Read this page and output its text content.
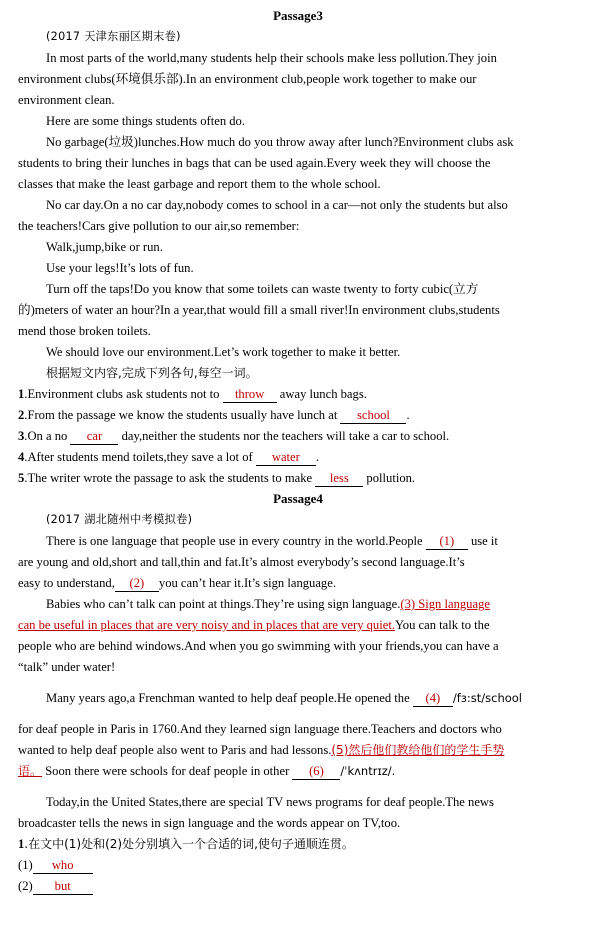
Passage3
(2017 天津东丽区期末卷)
In most parts of the world,many students help their schools make less pollution.They join
environment clubs(环境俱乐部).In an environment club,people work together to make our
environment clean.
Here are some things students often do.
No garbage(垃圾)lunches.How much do you throw away after lunch?Environment clubs ask
students to bring their lunches in bags that can be used again.Every week they will choose the
classes that make the least garbage and report them to the whole school.
No car day.On a no car day,nobody comes to school in a car—not only the students but also
the teachers!Cars give pollution to our air,so remember:
Walk,jump,bike or run.
Use your legs!It’s lots of fun.
Turn off the taps!Do you know that some toilets can waste twenty to forty cubic(立方
的)meters of water an hour?In a year,that would fill a small river!In environment clubs,students
mend those broken toilets.
We should love our environment.Let’s work together to make it better.
根据短文内容,完成下列各句,每空一词。
1.Environment clubs ask students not to throw away lunch bags.
2.From the passage we know the students usually have lunch at school .
3.On a no car day,neither the students nor the teachers will take a car to school.
4.After students mend toilets,they save a lot of water .
5.The writer wrote the passage to ask the students to make less pollution.
Passage4
(2017 湖北随州中考模拟卷)
There is one language that people use in every country in the world.People (1) use it
are young and old,short and tall,thin and fat.It’s almost everybody’s second language.It’s
easy to understand, (2) you can’t hear it.It’s sign language.
Babies who can’t talk can point at things.They’re using sign language.(3) Sign language
can be useful in places that are very noisy and in places that are very quiet.You can talk to the
people who are behind windows.And when you go swimming with your friends,you can have a
“talk” under water!
Many years ago,a Frenchman wanted to help deaf people.He opened the (4) /fɜ:st/school
for deaf people in Paris in 1760.And they learned sign language there.Teachers and doctors who
wanted to help deaf people also went to Paris and had lessons.(5)然后他们教给他们的学生手势
语。 Soon there were schools for deaf people in other (6) /ˈkʌntrɪz/.
Today,in the United States,there are special TV news programs for deaf people.The news
broadcaster tells the news in sign language and the words appear on TV,too.
1.在文中(1)处和(2)处分别填入一个合适的词,使句子通顺连贯。
(1) who
(2) but
